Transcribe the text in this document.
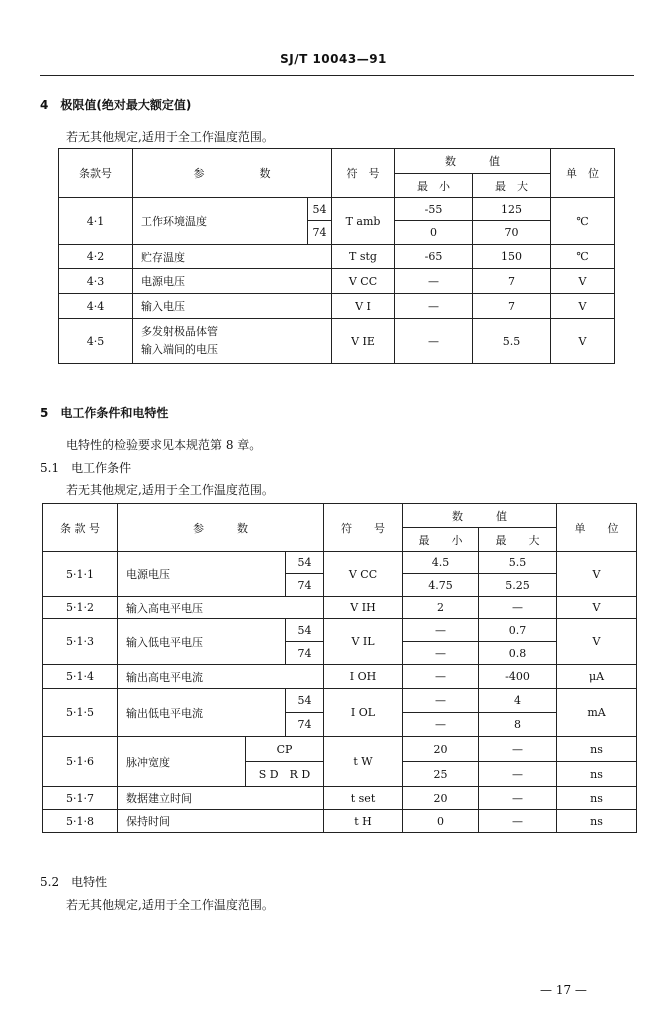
SJ/T 10043—91
4　极限值(绝对最大额定值)
若无其他规定,适用于全工作温度范围。
条款号	参　　　　　数		符　号	数　　　值		单　位
				最　小	最　大	
4·1	工作环境温度	54	T amb	-55	125	℃
		74		0	70	
4·2	贮存温度		T stg	-65	150	℃
4·3	电源电压		V CC	—	7	V
4·4	输入电压		V I	—	7	V
4·5	多发射极晶体管
输入端间的电压		V IE	—	5.5	V
5　电工作条件和电特性
电特性的检验要求见本规范第 8 章。
5.1　电工作条件
若无其他规定,适用于全工作温度范围。
条 款 号	参　　　数			符　　号	数　　　值		单　　位
					最　　小	最　　大	
5·1·1	电源电压		54	V CC	4.5	5.5	V
			74		4.75	5.25	
5·1·2	输入高电平电压			V IH	2	—	V
5·1·3	输入低电平电压		54	V IL	—	0.7	V
			74		—	0.8	
5·1·4	输出高电平电流			I OH	—	-400	μA
5·1·5	输出低电平电流		54	I OL	—	4	mA
			74		—	8	
5·1·6	脉冲宽度	CP		t W	20	—	ns
		S D　R D			25	—	ns
5·1·7	数据建立时间			t set	20	—	ns
5·1·8	保持时间			t H	0	—	ns
5.2　电特性
若无其他规定,适用于全工作温度范围。
— 17 —
